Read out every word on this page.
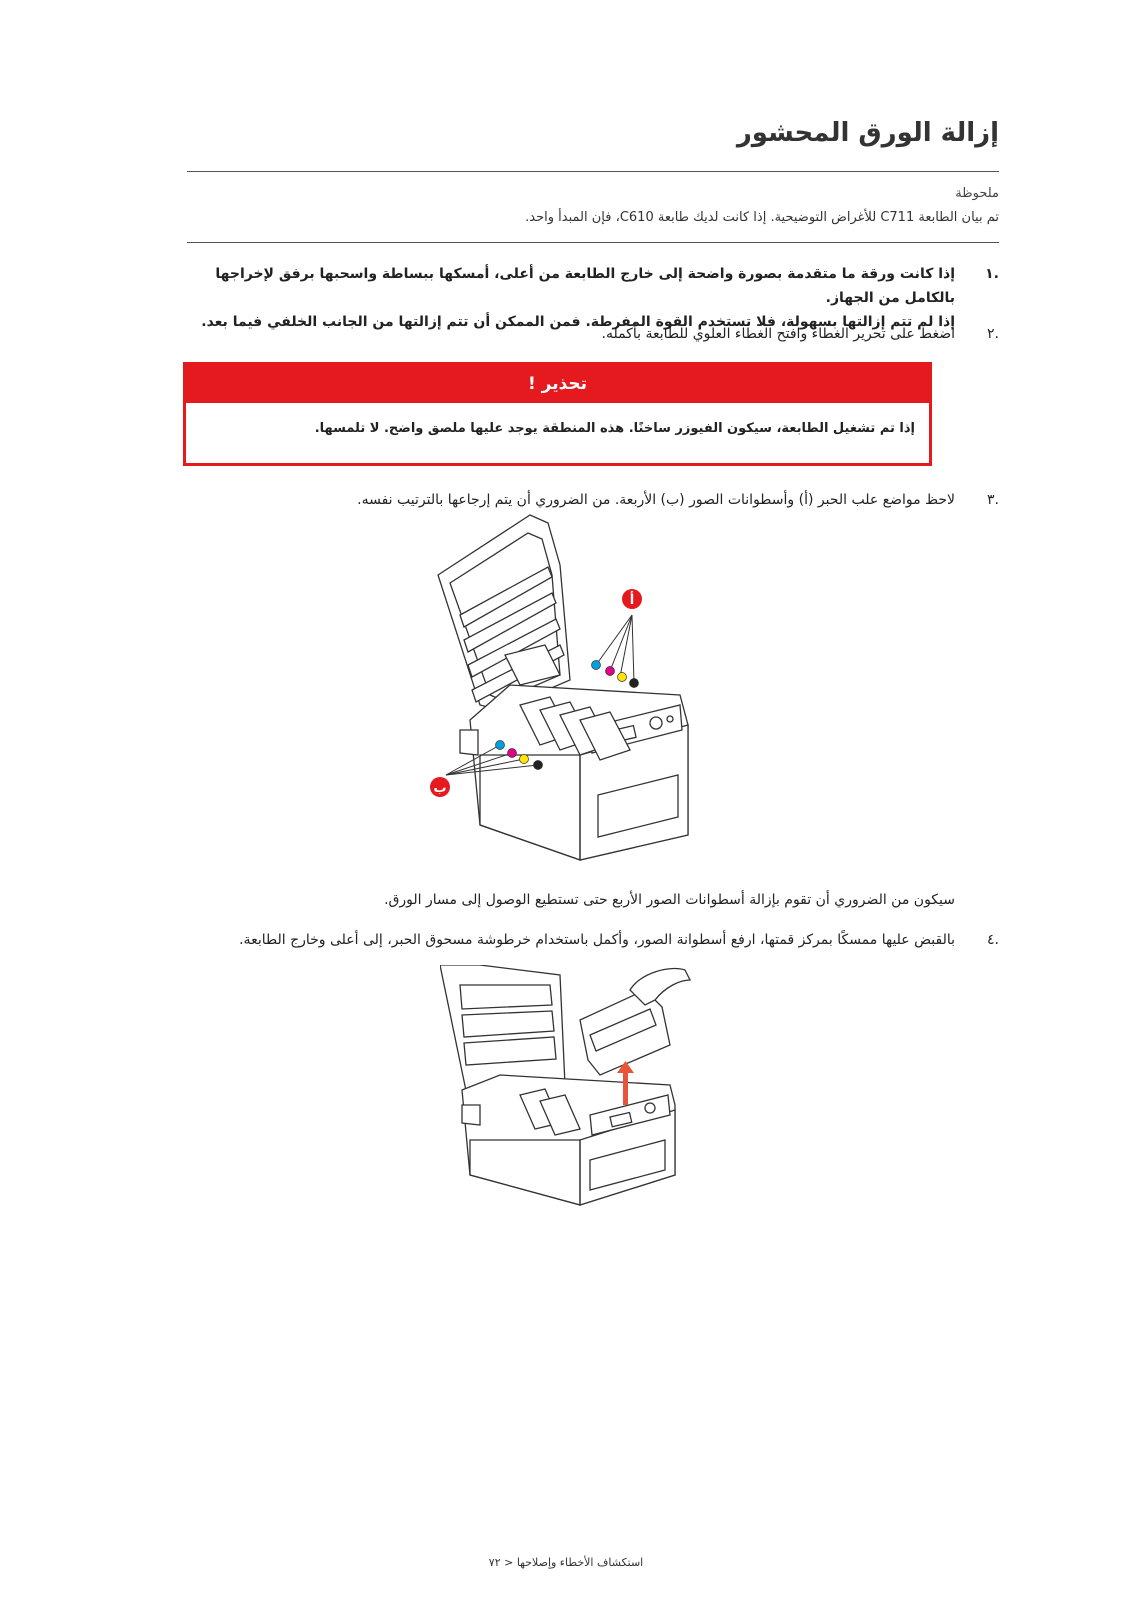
إزالة الورق المحشور
ملحوظة
تم بيان الطابعة C711 للأغراض التوضيحية. إذا كانت لديك طابعة C610، فإن المبدأ واحد.
.١
إذا كانت ورقة ما متقدمة بصورة واضحة إلى خارج الطابعة من أعلى، أمسكها ببساطة واسحبها برفق لإخراجها بالكامل من الجهاز.
إذا لم تتم إزالتها بسهولة، فلا تستخدم القوة المفرطة. فمن الممكن أن تتم إزالتها من الجانب الخلفي فيما بعد.
.٢
اضغط على تحرير الغطاء وافتح الغطاء العلوي للطابعة بأكمله.
تحذير !
إذا تم تشغيل الطابعة، سيكون الفيوزر ساخنًا. هذه المنطقة يوجد عليها ملصق واضح. لا تلمسها.
.٣
لاحظ مواضع علب الحبر (أ) وأسطوانات الصور (ب) الأربعة. من الضروري أن يتم إرجاعها بالترتيب نفسه.
أ
ب
سيكون من الضروري أن تقوم بإزالة أسطوانات الصور الأربع حتى تستطيع الوصول إلى مسار الورق.
.٤
بالقبض عليها ممسكًا بمركز قمتها، ارفع أسطوانة الصور، وأكمل باستخدام خرطوشة مسحوق الحبر، إلى أعلى وخارج الطابعة.
استكشاف الأخطاء وإصلاحها < ٧٢
